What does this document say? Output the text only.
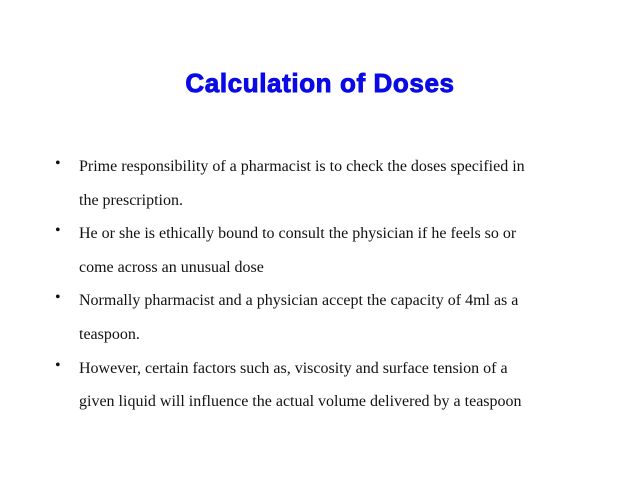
Calculation of Doses
• Prime responsibility of a pharmacist is to check the doses specified in
the prescription.
• He or she is ethically bound to consult the physician if he feels so or
come across an unusual dose
• Normally pharmacist and a physician accept the capacity of 4ml as a
teaspoon.
• However, certain factors such as, viscosity and surface tension of a
given liquid will influence the actual volume delivered by a teaspoon
